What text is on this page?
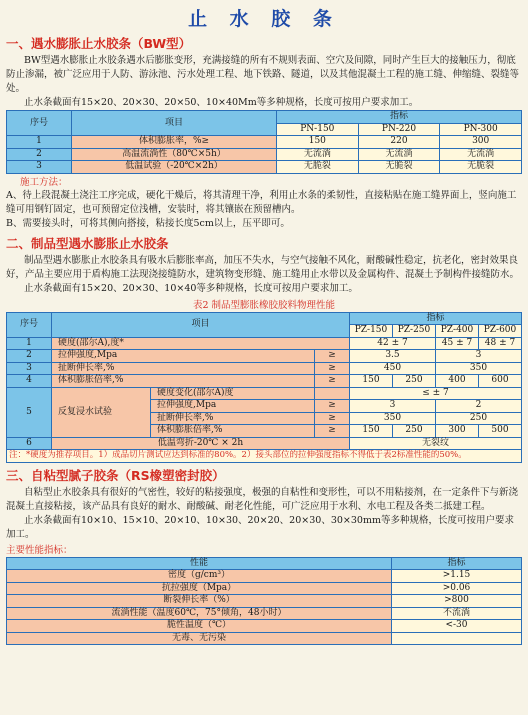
止 水 胶 条
一、遇水膨胀止水胶条（BW型）

BW型遇水膨胀止水胶条遇水后膨胀变形，充满接缝的所有不规则表面、空穴及间隙，同时产生巨大的接触压力，彻底防止渗漏，被广泛应用于人防、游泳池、污水处理工程、地下铁路、隧道，以及其他混凝土工程的施工缝、伸缩缝、裂缝等处。

止水条截面有15×20、20×30、20×50、10×40Mm等多种规格，长度可按用户要求加工。

序号	项目	指标		
		PN-150	PN-220	PN-300
1	体积膨胀率，%≥	150	220	300
2	高温流淌性（80℃×5h）	无流淌	无流淌	无流淌
3	低温试验（-20℃×2h）	无脆裂	无脆裂	无脆裂
施工方法：

A、待上段混凝土浇注工序完成，硬化干燥后，将其清理干净，利用止水条的柔韧性，直接粘贴在施工缝界面上，竖向施工缝可用钢钉固定，也可预留定位浅槽，安装时，将其镶嵌在预留槽内。

B、需要接头时，可将其侧向搭接，粘接长度5cm以上，压平即可。

二、制品型遇水膨胀止水胶条

制品型遇水膨胀止水胶条具有吸水后膨胀率高，加压不失水，与空气接触不风化，耐酸碱性稳定，抗老化，密封效果良好，产品主要应用于盾构施工法现浇接缝防水，建筑物变形缝、施工缝用止水带以及金属构件、混凝土予制构件接缝防水。

止水条截面有15×20、20×30、10×40等多种规格，长度可按用户要求加工。

表2 制品型膨胀橡胶胶料物理性能
序号	项目			指标			
				PZ-150	PZ-250	PZ-400	PZ-600
1	硬度(邵尔A),度*			42 ± 7		45 ± 7	48 ± 7
2	拉伸强度,Mpa		≥	3.5		3	
3	扯断伸长率,%		≥	450		350	
4	体积膨胀倍率,%		≥	150	250	400	600
5	反复浸水试验	硬度变化(邵尔A)度		≤ ± 7			
		拉伸强度,Mpa	≥	3		2	
		扯断伸长率,%	≥	350		250	
		体积膨胀倍率,%	≥	150	250	300	500
6	低温弯折-20℃ × 2h			无裂纹			
注：*硬度为推荐项目。1）成品切片测试应达到标准的80%。2）接头部位的拉伸强度指标不得低于表2标准性能的50%。							
三、自粘型腻子胶条（RS橡塑密封胶）

自粘型止水胶条具有很好的气密性，较好的粘接强度，极强的自粘性和变形性，可以不用粘接剂，在一定条件下与新浇混凝土直接粘接，该产品具有良好的耐水、耐酸碱、耐老化性能，可广泛应用于水利、水电工程及各类二抵建工程。

止水条截面有10×10、15×10、20×10、10×30、20×20、20×30、30×30mm等多种规格，长度可按用户要求加工。

主要性能指标：
性能	指标
密度（g/cm³）	>1.15
抗拉强度（Mpa）	>0.06
断裂伸长率（%）	>800
流淌性能（温度60℃，75°倾角，48小时）	不流淌
脆性温度（℃）	<-30
无毒、无污染	
